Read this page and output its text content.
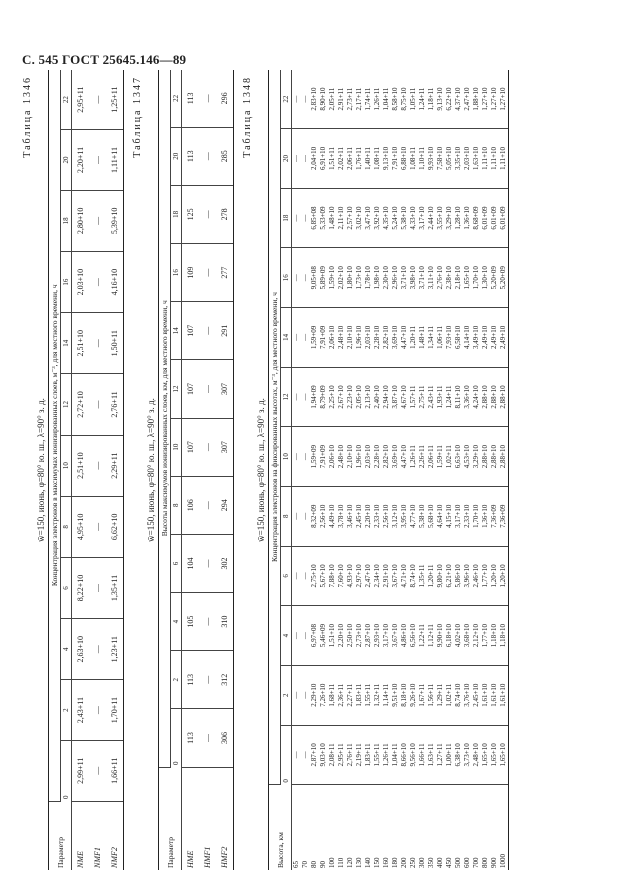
С. 545 ГОСТ 25645.146—89
Таблица 1346
w̄=150, июнь, φ=80° ю. ш., λ=90° з. д.
Параметр	Концентрация электронов в максимумах ионизированных слоев, м⁻³, для местного времени, ч											
	0	2	4	6	8	10	12	14	16	18	20	22
NME	2,99+11	2,43+11	2,63+10	8,22+10	4,95+10	2,51+10	2,72+10	2,51+10	2,03+10	2,80+10	2,20+11	2,95+11
NMF1	—	—	—	—	—	—	—	—	—	—	—	—
NMF2	1,66+11	1,70+11	1,23+11	1,35+11	6,62+10	2,29+11	2,76+11	1,50+11	4,16+10	5,39+10	1,11+11	1,25+11 Таблица 1347
w̄=150, июнь, φ=80° ю. ш., λ=90° з. д.
Параметр	Высоты максимумов ионизированных слоев, км, для местного времени, ч											
	0	2	4	6	8	10	12	14	16	18	20	22
HME	113	113	105	104	106	107	107	107	109	125	113	113
HMF1	—	—	—	—	—	—	—	—	—	—	—	—
HMF2	306	312	310	302	294	307	307	291	277	278	285	296 Таблица 1348
w̄=150, июнь, φ=80° ю. ш., λ=90° з. д.
Высота, км	Концентрация электронов на фиксированных высотах, м⁻³, для местного времени, ч											
	0	2	4	6	8	10	12	14	16	18	20	22
65	—	—	—	—	—	—	—	—	—	—	—	—
70	—	—	—	—	—	—	—	—	—	—	—	—
80	2,87+10	2,29+10	6,97+08	2,75+10	8,32+09	1,59+09	1,94+09	1,59+09	9,05+08	6,85+08	2,04+10	2,83+10
90	9,03+10	7,26+10	5,46+09	5,67+10	2,56+10	7,91+09	8,79+09	7,91+09	5,89+09	5,33+09	6,91+10	8,90+10
100	2,08+11	1,68+11	1,51+10	7,88+10	4,49+10	2,06+10	2,25+10	2,06+10	1,59+10	1,48+10	1,51+11	2,05+11
110	2,95+11	2,36+11	2,20+10	7,60+10	3,78+10	2,48+10	2,67+10	2,48+10	2,02+10	2,11+10	2,02+11	2,91+11
120	2,76+11	2,27+11	2,50+10	4,93+10	3,46+10	2,10+10	2,23+10	2,10+10	1,80+10	2,57+10	2,06+11	2,73+11
130	2,19+11	1,83+11	2,73+10	2,97+10	2,45+10	1,96+10	2,05+10	1,96+10	1,73+10	3,02+10	1,76+11	2,17+11
140	1,83+11	1,55+11	2,87+10	2,47+10	2,20+10	2,03+10	2,13+10	2,03+10	1,78+10	3,47+10	1,40+11	1,74+11
150	1,55+11	1,32+11	2,93+10	2,34+10	2,33+10	2,28+10	2,40+10	2,28+10	1,98+10	3,92+10	1,08+11	1,26+11
160	1,26+11	1,14+11	3,17+10	2,91+10	2,56+10	2,82+10	2,94+10	2,82+10	2,30+10	4,35+10	9,13+10	1,04+11
180	1,04+11	9,51+10	3,67+10	3,67+10	3,12+10	3,69+10	3,87+10	3,69+10	2,96+10	5,24+10	7,91+10	8,58+10
200	8,66+10	8,18+10	4,86+10	4,71+10	3,95+10	4,47+10	4,67+10	4,47+10	3,71+10	5,38+10	6,88+10	8,75+10
250	9,56+10	9,26+10	6,56+10	8,74+10	4,77+10	1,26+11	1,57+11	1,20+11	3,98+10	4,33+10	1,08+11	1,05+11
300	1,66+11	1,67+11	1,22+11	1,35+11	5,38+10	2,26+11	2,75+11	1,48+11	3,71+10	3,17+10	1,10+11	1,24+11
350	1,63+11	1,56+11	1,12+11	1,20+11	5,68+10	2,06+11	2,43+11	1,34+11	3,11+10	2,44+10	9,93+10	1,18+11
400	1,27+11	1,29+11	9,90+10	9,80+10	4,64+10	1,59+11	1,93+11	1,06+11	2,76+10	3,55+10	7,58+10	9,13+10
450	1,00+11	1,02+11	6,18+10	6,21+10	4,15+10	1,02+11	1,24+11	7,93+10	2,38+10	3,29+10	5,05+10	6,22+10
500	6,38+10	8,74+10	4,02+10	5,86+10	3,17+10	6,63+10	8,11+10	6,58+10	2,18+10	1,28+10	3,35+10	4,37+10
600	3,73+10	3,76+10	3,68+10	3,96+10	2,33+10	4,53+10	3,36+10	4,14+10	1,65+10	1,36+10	2,03+10	2,47+10
700	2,48+10	2,45+10	2,12+10	2,46+10	1,70+10	3,29+10	4,24+10	3,49+10	1,70+10	8,68+09	1,63+10	1,88+10
800	1,65+10	1,61+10	1,77+10	1,77+10	1,36+10	2,88+10	2,88+10	2,49+10	1,30+10	6,01+09	1,11+10	1,27+10
900	1,65+10	1,61+10	1,18+10	1,20+10	7,36+09	2,88+10	2,88+10	2,49+10	5,20+09	6,01+09	1,11+10	1,27+10
1000	1,65+10	1,61+10	1,18+10	1,20+10	7,36+09	2,88+10	2,88+10	2,49+10	5,20+09	6,01+09	1,11+10	1,27+10
